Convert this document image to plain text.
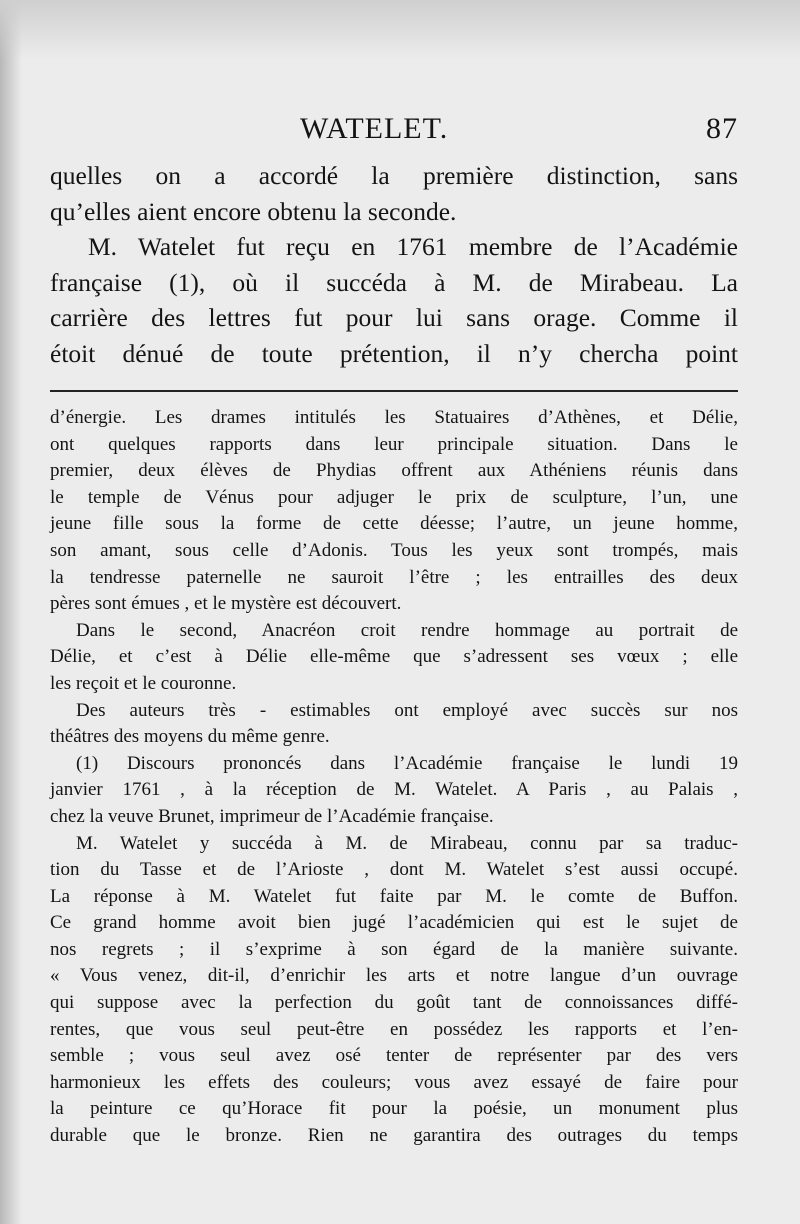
WATELET.	87
quelles on a accordé la première distinction, sans
qu’elles aient encore obtenu la seconde.
M. Watelet fut reçu en 1761 membre de l’Académie
française (1), où il succéda à M. de Mirabeau. La
carrière des lettres fut pour lui sans orage. Comme il
étoit dénué de toute prétention, il n’y chercha point
d’énergie. Les drames intitulés les Statuaires d’Athènes, et Délie,
ont quelques rapports dans leur principale situation. Dans le
premier, deux élèves de Phydias offrent aux Athéniens réunis dans
le temple de Vénus pour adjuger le prix de sculpture, l’un, une
jeune fille sous la forme de cette déesse; l’autre, un jeune homme,
son amant, sous celle d’Adonis. Tous les yeux sont trompés, mais
la tendresse paternelle ne sauroit l’être ; les entrailles des deux
pères sont émues , et le mystère est découvert.
Dans le second, Anacréon croit rendre hommage au portrait de
Délie, et c’est à Délie elle-même que s’adressent ses vœux ; elle
les reçoit et le couronne.
Des auteurs très - estimables ont employé avec succès sur nos
théâtres des moyens du même genre.
(1) Discours prononcés dans l’Académie française le lundi 19
janvier 1761 , à la réception de M. Watelet. A Paris , au Palais ,
chez la veuve Brunet, imprimeur de l’Académie française.
M. Watelet y succéda à M. de Mirabeau, connu par sa traduc-
tion du Tasse et de l’Arioste , dont M. Watelet s’est aussi occupé.
La réponse à M. Watelet fut faite par M. le comte de Buffon.
Ce grand homme avoit bien jugé l’académicien qui est le sujet de
nos regrets ; il s’exprime à son égard de la manière suivante.
« Vous venez, dit-il, d’enrichir les arts et notre langue d’un ouvrage
qui suppose avec la perfection du goût tant de connoissances diffé-
rentes, que vous seul peut-être en possédez les rapports et l’en-
semble ; vous seul avez osé tenter de représenter par des vers
harmonieux les effets des couleurs; vous avez essayé de faire pour
la peinture ce qu’Horace fit pour la poésie, un monument plus
durable que le bronze. Rien ne garantira des outrages du temps
